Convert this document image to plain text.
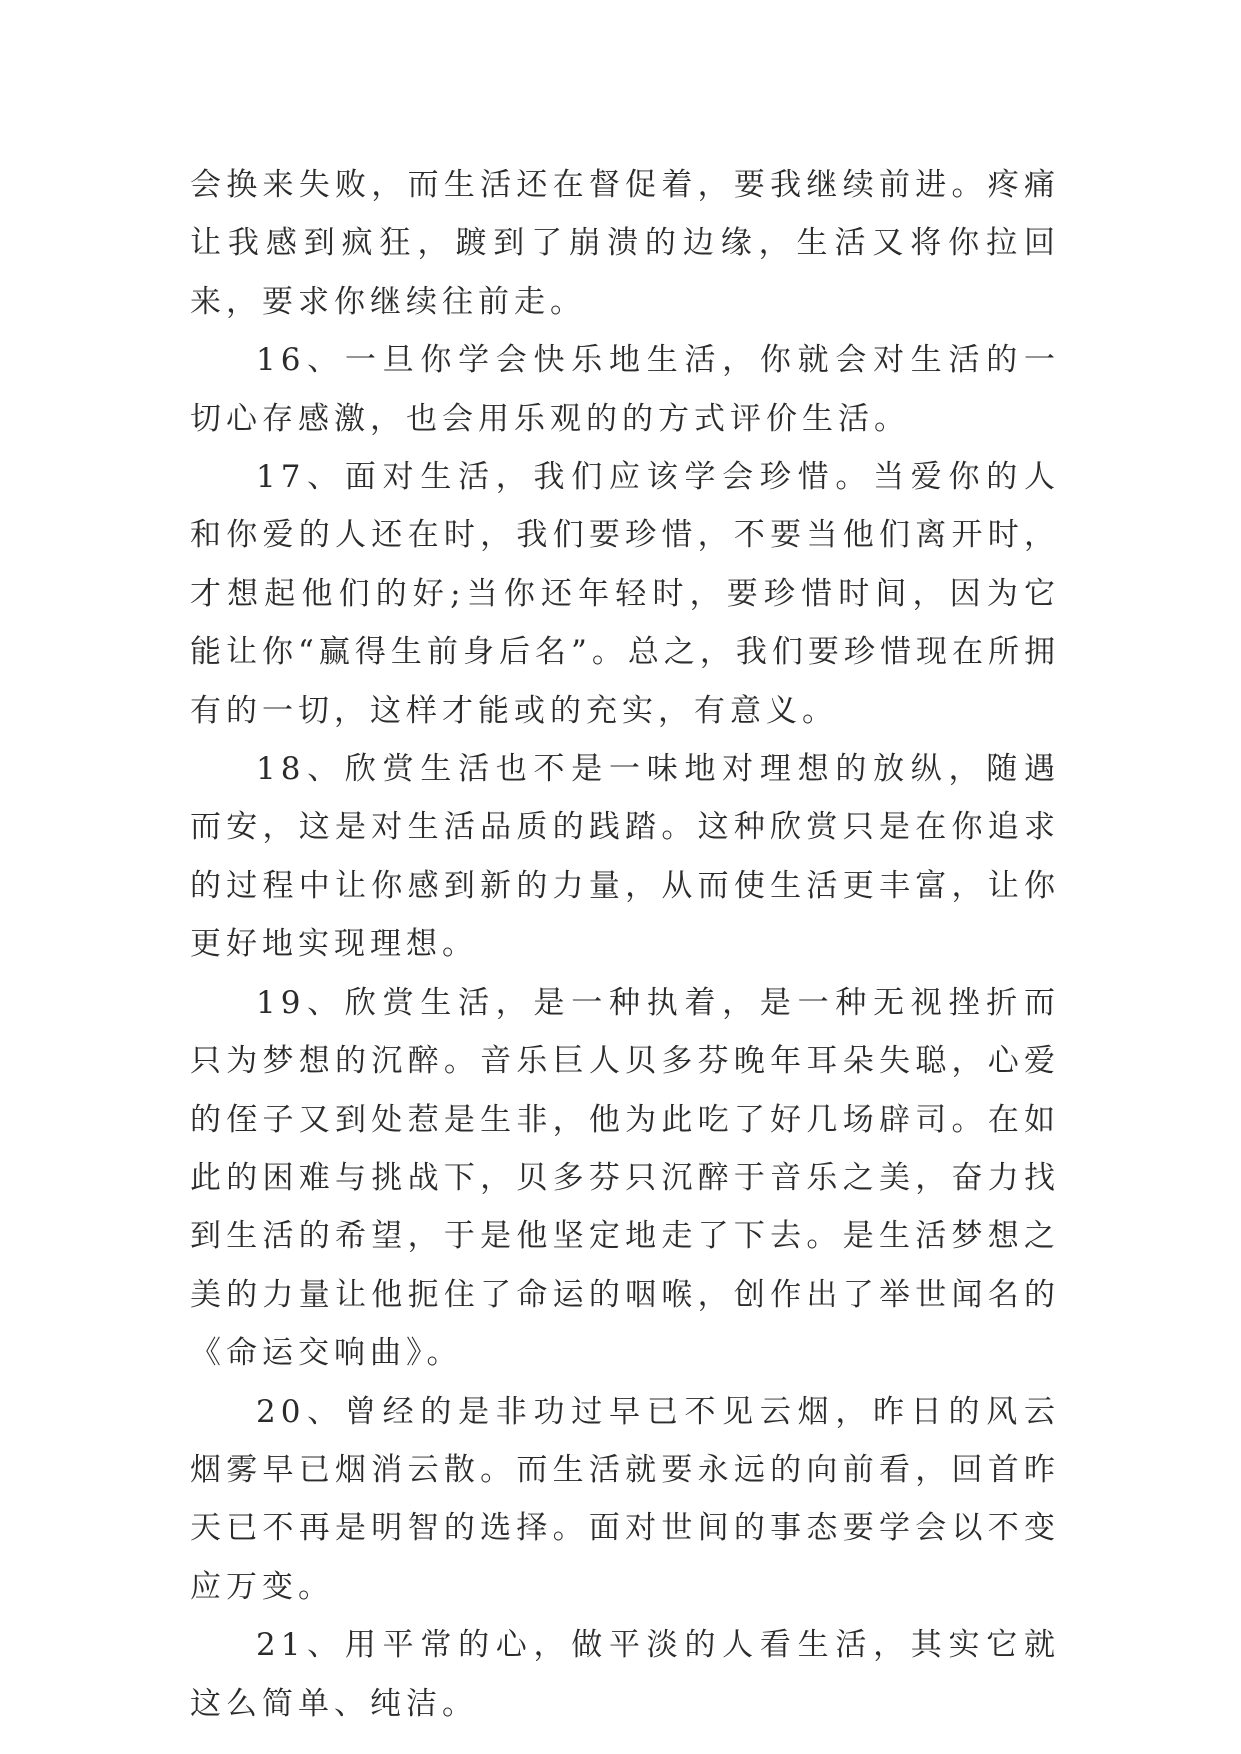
会换来失败，而生活还在督促着，要我继续前进。疼痛让我感到疯狂，踱到了崩溃的边缘，生活又将你拉回来，要求你继续往前走。

16、一旦你学会快乐地生活，你就会对生活的一切心存感激，也会用乐观的的方式评价生活。

17、面对生活，我们应该学会珍惜。当爱你的人和你爱的人还在时，我们要珍惜，不要当他们离开时，才想起他们的好;当你还年轻时，要珍惜时间，因为它能让你“赢得生前身后名”。总之，我们要珍惜现在所拥有的一切，这样才能或的充实，有意义。

18、欣赏生活也不是一味地对理想的放纵，随遇而安，这是对生活品质的践踏。这种欣赏只是在你追求的过程中让你感到新的力量，从而使生活更丰富，让你更好地实现理想。

19、欣赏生活，是一种执着，是一种无视挫折而只为梦想的沉醉。音乐巨人贝多芬晚年耳朵失聪，心爱的侄子又到处惹是生非，他为此吃了好几场辟司。在如此的困难与挑战下，贝多芬只沉醉于音乐之美，奋力找到生活的希望，于是他坚定地走了下去。是生活梦想之美的力量让他扼住了命运的咽喉，创作出了举世闻名的《命运交响曲》。

20、曾经的是非功过早已不见云烟，昨日的风云烟雾早已烟消云散。而生活就要永远的向前看，回首昨天已不再是明智的选择。面对世间的事态要学会以不变应万变。

21、用平常的心，做平淡的人看生活，其实它就这么简单、纯洁。
